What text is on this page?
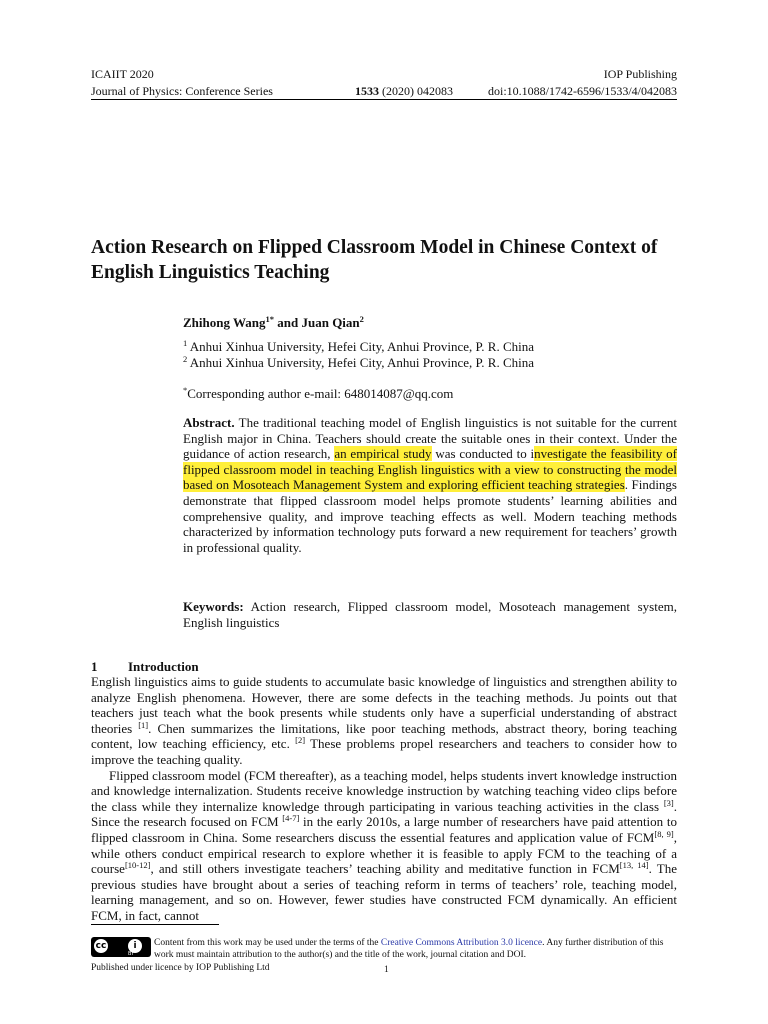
ICAIIT 2020	IOP Publishing
Journal of Physics: Conference Series	1533 (2020) 042083	doi:10.1088/1742-6596/1533/4/042083
Action Research on Flipped Classroom Model in Chinese Context of English Linguistics Teaching
Zhihong Wang$^{1*}$ and Juan Qian$^2$
$^1$ Anhui Xinhua University, Hefei City, Anhui Province, P. R. China
$^2$ Anhui Xinhua University, Hefei City, Anhui Province, P. R. China
*Corresponding author e-mail: 648014087@qq.com
Abstract. The traditional teaching model of English linguistics is not suitable for the current English major in China. Teachers should create the suitable ones in their context. Under the guidance of action research, an empirical study was conducted to investigate the feasibility of flipped classroom model in teaching English linguistics with a view to constructing the model based on Mosoteach Management System and exploring efficient teaching strategies. Findings demonstrate that flipped classroom model helps promote students’ learning abilities and comprehensive quality, and improve teaching effects as well. Modern teaching methods characterized by information technology puts forward a new requirement for teachers’ growth in professional quality.
Keywords: Action research, Flipped classroom model, Mosoteach management system, English linguistics
1 Introduction

English linguistics aims to guide students to accumulate basic knowledge of linguistics and strengthen ability to analyze English phenomena. However, there are some defects in the teaching methods. Ju points out that teachers just teach what the book presents while students only have a superficial understanding of abstract theories [1]. Chen summarizes the limitations, like poor teaching methods, abstract theory, boring teaching content, low teaching efficiency, etc. [2] These problems propel researchers and teachers to consider how to improve the teaching quality.

Flipped classroom model (FCM thereafter), as a teaching model, helps students invert knowledge instruction and knowledge internalization. Students receive knowledge instruction by watching teaching video clips before the class while they internalize knowledge through participating in various teaching activities in the class [3]. Since the research focused on FCM [4-7] in the early 2010s, a large number of researchers have paid attention to flipped classroom in China. Some researchers discuss the essential features and application value of FCM[8, 9], while others conduct empirical research to explore whether it is feasible to apply FCM to the teaching of a course[10-12], and still others investigate teachers’ teaching ability and meditative function in FCM[13, 14]. The previous studies have brought about a series of teaching reform in terms of teachers’ role, teaching model, learning management, and so on. However, fewer studies have constructed FCM dynamically. An efficient FCM, in fact, cannot

cc	i
BY
Content from this work may be used under the terms of the Creative Commons Attribution 3.0 licence. Any further distribution of this work must maintain attribution to the author(s) and the title of the work, journal citation and DOI.
Published under licence by IOP Publishing Ltd	1
